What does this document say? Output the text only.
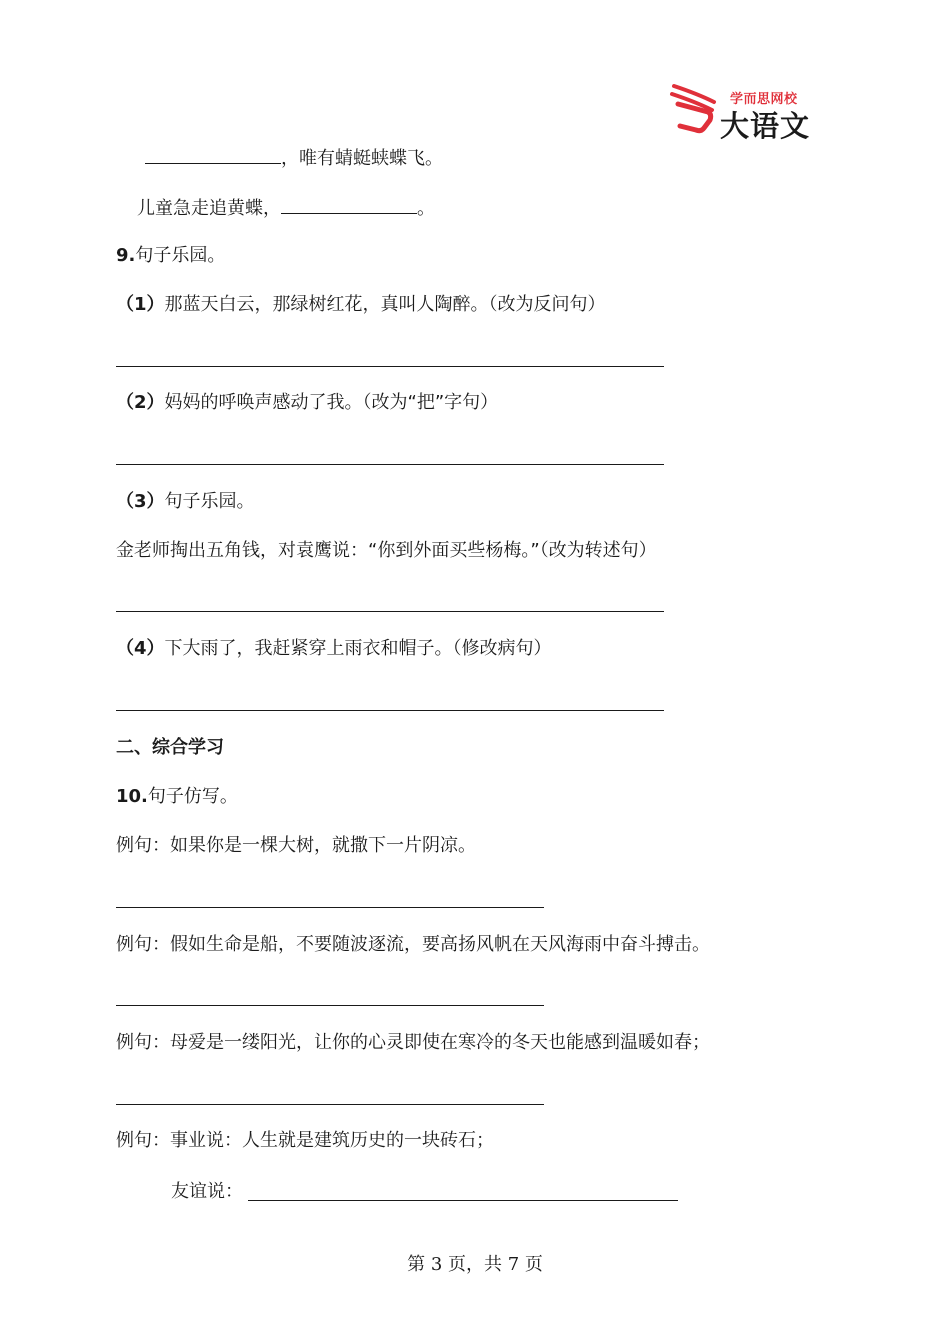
学而思网校
大语文
，唯有蜻蜓蛱蝶飞。
儿童急走追黄蝶，	。
9.句子乐园。
（1）那蓝天白云，那绿树红花，真叫人陶醉。（改为反问句）
（2）妈妈的呼唤声感动了我。（改为“把”字句）
（3）句子乐园。
金老师掏出五角钱，对袁鹰说：“你到外面买些杨梅。”（改为转述句）
（4）下大雨了，我赶紧穿上雨衣和帽子。（修改病句）
二、综合学习
10.句子仿写。
例句：如果你是一棵大树，就撒下一片阴凉。
例句：假如生命是船，不要随波逐流，要高扬风帆在天风海雨中奋斗搏击。
例句：母爱是一缕阳光，让你的心灵即使在寒冷的冬天也能感到温暖如春；
例句：事业说：人生就是建筑历史的一块砖石；
友谊说：
第 3 页，共 7 页
